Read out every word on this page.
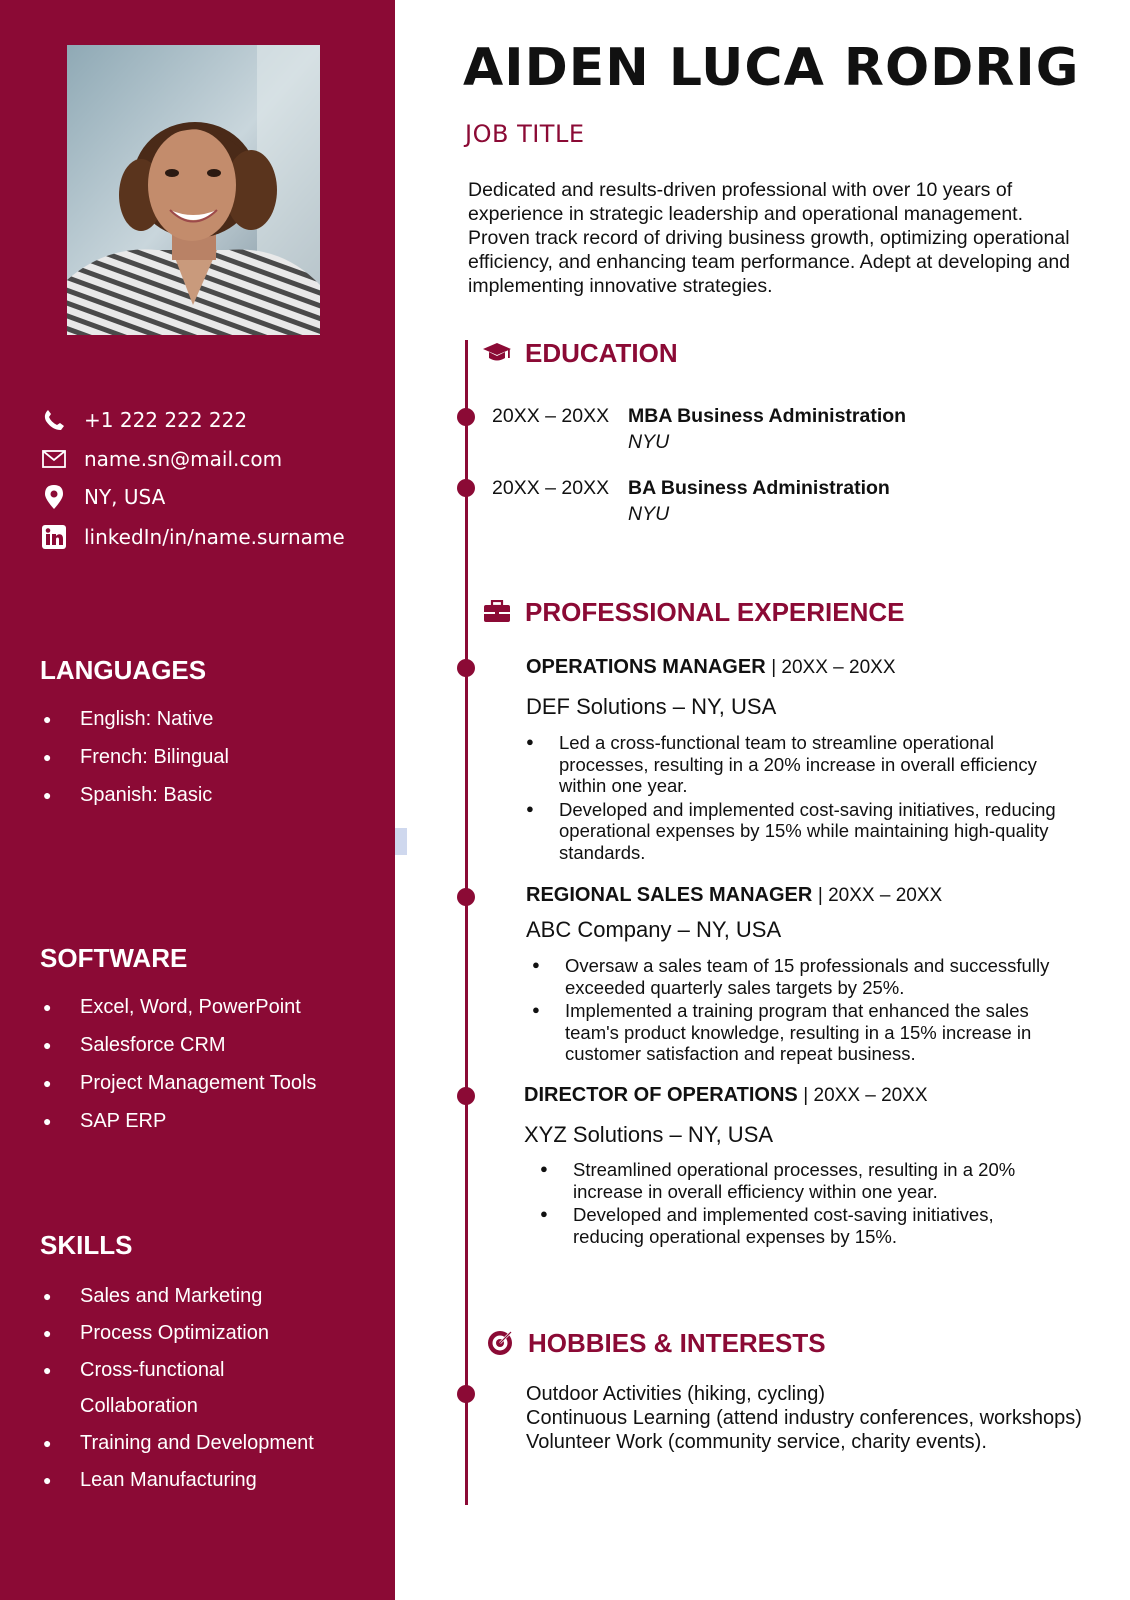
+1 222 222 222
name.sn@mail.com
NY, USA
linkedIn/in/name.surname
LANGUAGES
● English: Native
● French: Bilingual
● Spanish: Basic
SOFTWARE
● Excel, Word, PowerPoint
● Salesforce CRM
● Project Management Tools
● SAP ERP
SKILLS
● Sales and Marketing
● Process Optimization
● Cross-functional Collaboration
● Training and Development
● Lean Manufacturing
AIDEN LUCA RODRIG
JOB TITLE

Dedicated and results-driven professional with over 10 years of experience in strategic leadership and operational management. Proven track record of driving business growth, optimizing operational efficiency, and enhancing team performance. Adept at developing and implementing innovative strategies.

EDUCATION
20XX – 20XX MBA Business Administration
NYU
20XX – 20XX BA Business Administration
NYU
PROFESSIONAL EXPERIENCE
OPERATIONS MANAGER | 20XX – 20XX
DEF Solutions – NY, USA
● Led a cross-functional team to streamline operational processes, resulting in a 20% increase in overall efficiency within one year.
● Developed and implemented cost-saving initiatives, reducing operational expenses by 15% while maintaining high-quality standards.
REGIONAL SALES MANAGER | 20XX – 20XX
ABC Company – NY, USA
● Oversaw a sales team of 15 professionals and successfully exceeded quarterly sales targets by 25%.
● Implemented a training program that enhanced the sales team's product knowledge, resulting in a 15% increase in customer satisfaction and repeat business.
DIRECTOR OF OPERATIONS | 20XX – 20XX
XYZ Solutions – NY, USA
● Streamlined operational processes, resulting in a 20% increase in overall efficiency within one year.
● Developed and implemented cost-saving initiatives, reducing operational expenses by 15%.
HOBBIES & INTERESTS
Outdoor Activities (hiking, cycling)
Continuous Learning (attend industry conferences, workshops)
Volunteer Work (community service, charity events).
